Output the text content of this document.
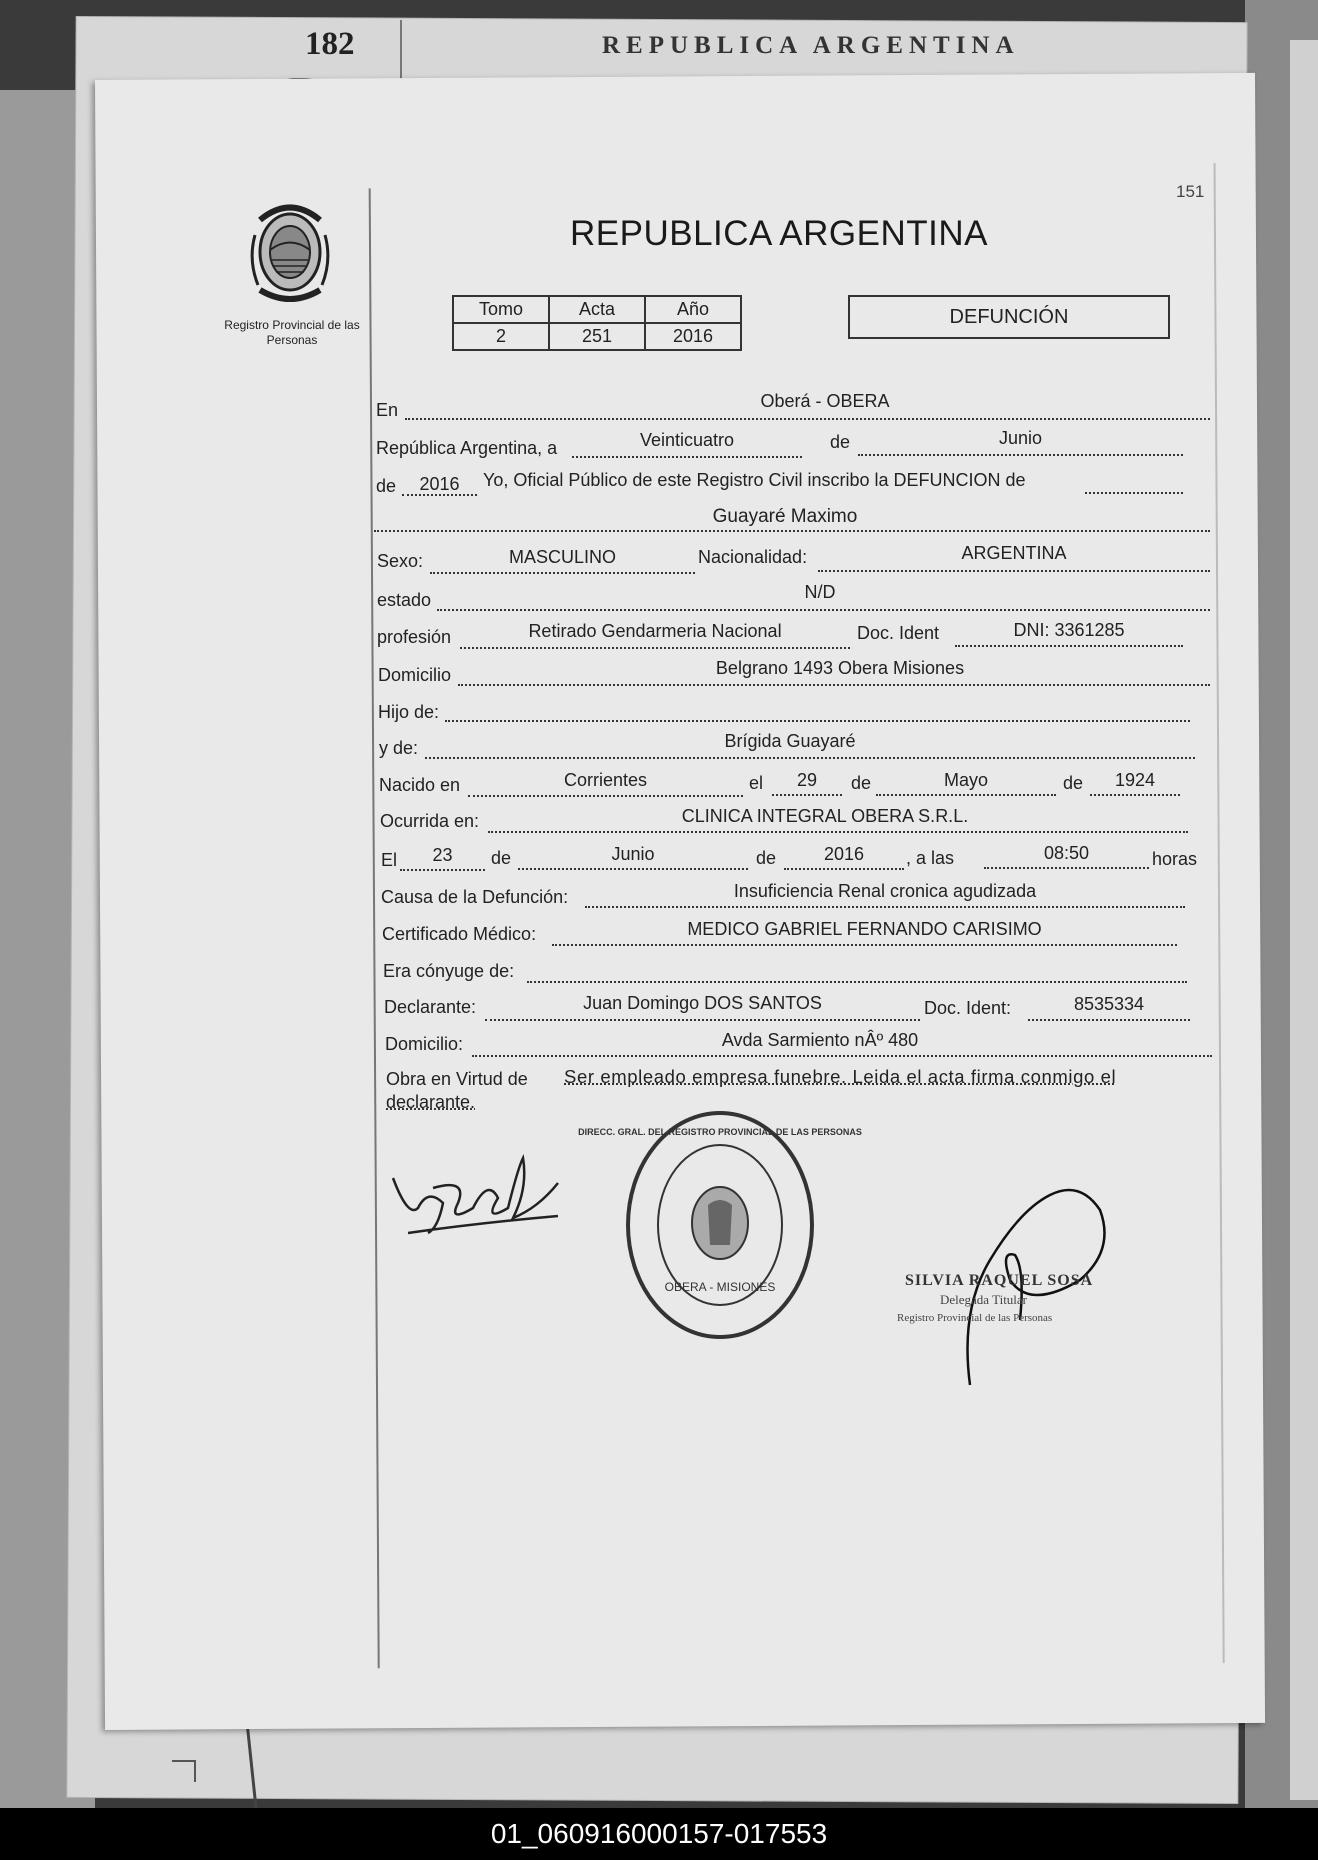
182	REPUBLICA ARGENTINA
Registro Provincial de las Personas
151
REPUBLICA ARGENTINA
Tomo	Acta	Año
2	251	2016
DEFUNCIÓN
En	Oberá - OBERA
República Argentina, a	Veinticuatro	de	Junio
de	2016	Yo, Oficial Público de este Registro Civil inscribo la DEFUNCION de
Guayaré Maximo
Sexo:	MASCULINO	Nacionalidad:	ARGENTINA
estado	N/D
profesión	Retirado Gendarmeria Nacional	Doc. Ident	DNI: 3361285
Domicilio	Belgrano 1493 Obera Misiones
Hijo de:
y de:	Brígida Guayaré
Nacido en	Corrientes	el	29	de	Mayo	de	1924
Ocurrida en:	CLINICA INTEGRAL OBERA S.R.L.
El	23	de	Junio	de	2016	, a las	08:50	horas
Causa de la Defunción:	Insuficiencia Renal cronica agudizada
Certificado Médico:	MEDICO GABRIEL FERNANDO CARISIMO
Era cónyuge de:
Declarante:	Juan Domingo DOS SANTOS	Doc. Ident:	8535334
Domicilio:	Avda Sarmiento nÂº 480
Obra en Virtud de Ser empleado empresa funebre. Leida el acta firma conmigo el
declarante.
DIRECC. GRAL. DEL REGISTRO PROVINCIAL DE LAS PERSONAS
OBERA - MISIONES	SILVIA RAQUEL SOSA
Delegada Titular
Registro Provincial de las Personas
01_060916000157-017553
